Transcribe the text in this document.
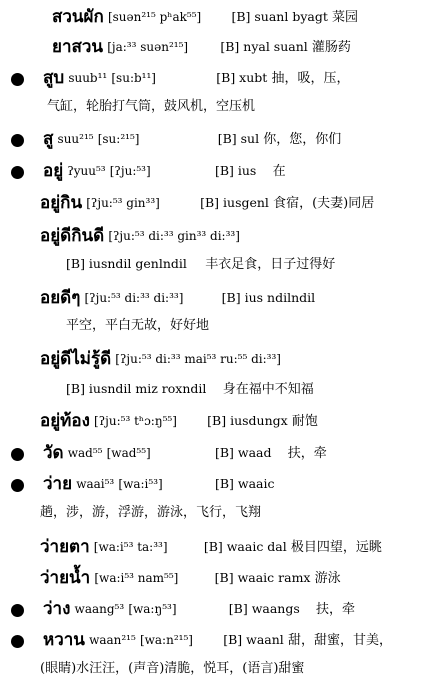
สวนผัก [suən²¹⁵ pʰak⁵⁵] [B] suanl byagt 菜园
ยาสวน [ja:³³ suən²¹⁵]	[B] nyal suanl 灌肠药
สูบ suub¹¹ [su:b¹¹]	[B] xubt 抽，吸，压，
气缸，轮胎打气筒，鼓风机，空压机
สู suu²¹⁵ [su:²¹⁵]	[B] sul 你，您，你们
อยู่ ʔyuu⁵³ [ʔju:⁵³]	[B] ius 在
อยู่กิน [ʔju:⁵³ gin³³]	[B] iusgenl 食宿，(夫妻)同居
อยู่ดีกินดี [ʔju:⁵³ di:³³ gin³³ di:³³]
[B] iusndil genlndil 丰衣足食，日子过得好
อยดีๆ [ʔju:⁵³ di:³³ di:³³]	[B] ius ndilndil
平空，平白无故，好好地
อยู่ดีไม่รู้ดี [ʔju:⁵³ di:³³ mai⁵³ ru:⁵⁵ di:³³]
[B] iusndil miz roxndil 身在福中不知福
อยู่ท้อง [ʔju:⁵³ tʰɔ:ŋ⁵⁵] [B] iusdungx 耐饱
วัด wad⁵⁵ [wad⁵⁵]	[B] waad 扶，牵
ว่าย waai⁵³ [wa:i⁵³]	[B] waaic
趟，涉，游，浮游，游泳，飞行，飞翔
ว่ายตา [wa:i⁵³ ta:³³]	[B] waaic dal 极目四望，远眺
ว่ายน้ำ [wa:i⁵³ nam⁵⁵]	[B] waaic ramx 游泳
ว่าง waang⁵³ [wa:ŋ⁵³]	[B] waangs 扶，牵
หวาน waan²¹⁵ [wa:n²¹⁵] [B] waanl 甜，甜蜜，甘美，
(眼睛)水汪汪，(声音)清脆，悦耳，(语言)甜蜜
